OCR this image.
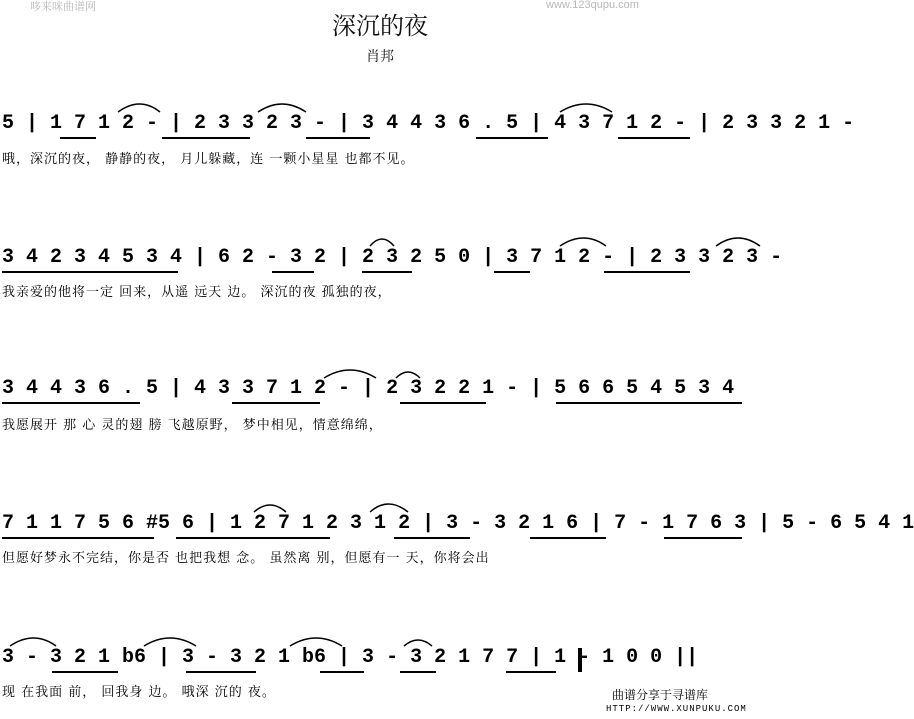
哆来咪曲谱网	www.123qupu.com
深沉的夜
肖邦
5 | 1 7 1 2 - | 2 3 3 2 3 - | 3 4 4 3 6 . 5 | 4 3 7 1 2 - | 2 3 3 2 1 -
哦，深沉的夜， 静静的夜， 月儿躲藏，连 一颗小星星 也都不见。
3 4 2 3 4 5 3 4 | 6 2 - 3 2 | 2 3 2 5 0 | 3 7 1 2 - | 2 3 3 2 3 -
我亲爱的他将一定 回来，从遥 远天 边。 深沉的夜 孤独的夜，
3 4 4 3 6 . 5 | 4 3 3 7 1 2 - | 2 3 2 2 1 - | 5 6 6 5 4 5 3 4
我愿展开 那 心 灵的翅 膀 飞越原野， 梦中相见，情意绵绵，
7 1 1 7 5 6 #5 6 | 1 2 7 1 2 3 1 2 | 3 - 3 2 1 6 | 7 - 1 7 6 3 | 5 - 6 5 4 1
但愿好梦永不完结，你是否 也把我想 念。 虽然离 别，但愿有一 天，你将会出
3 - 3 2 1 b6 | 3 - 3 2 1 b6 | 3 - 3 2 1 7 7 | 1 - 1 0 0 ||
现 在我面 前， 回我身 边。 哦深 沉的 夜。	曲谱分享于寻谱库
HTTP://WWW.XUNPUKU.COM
